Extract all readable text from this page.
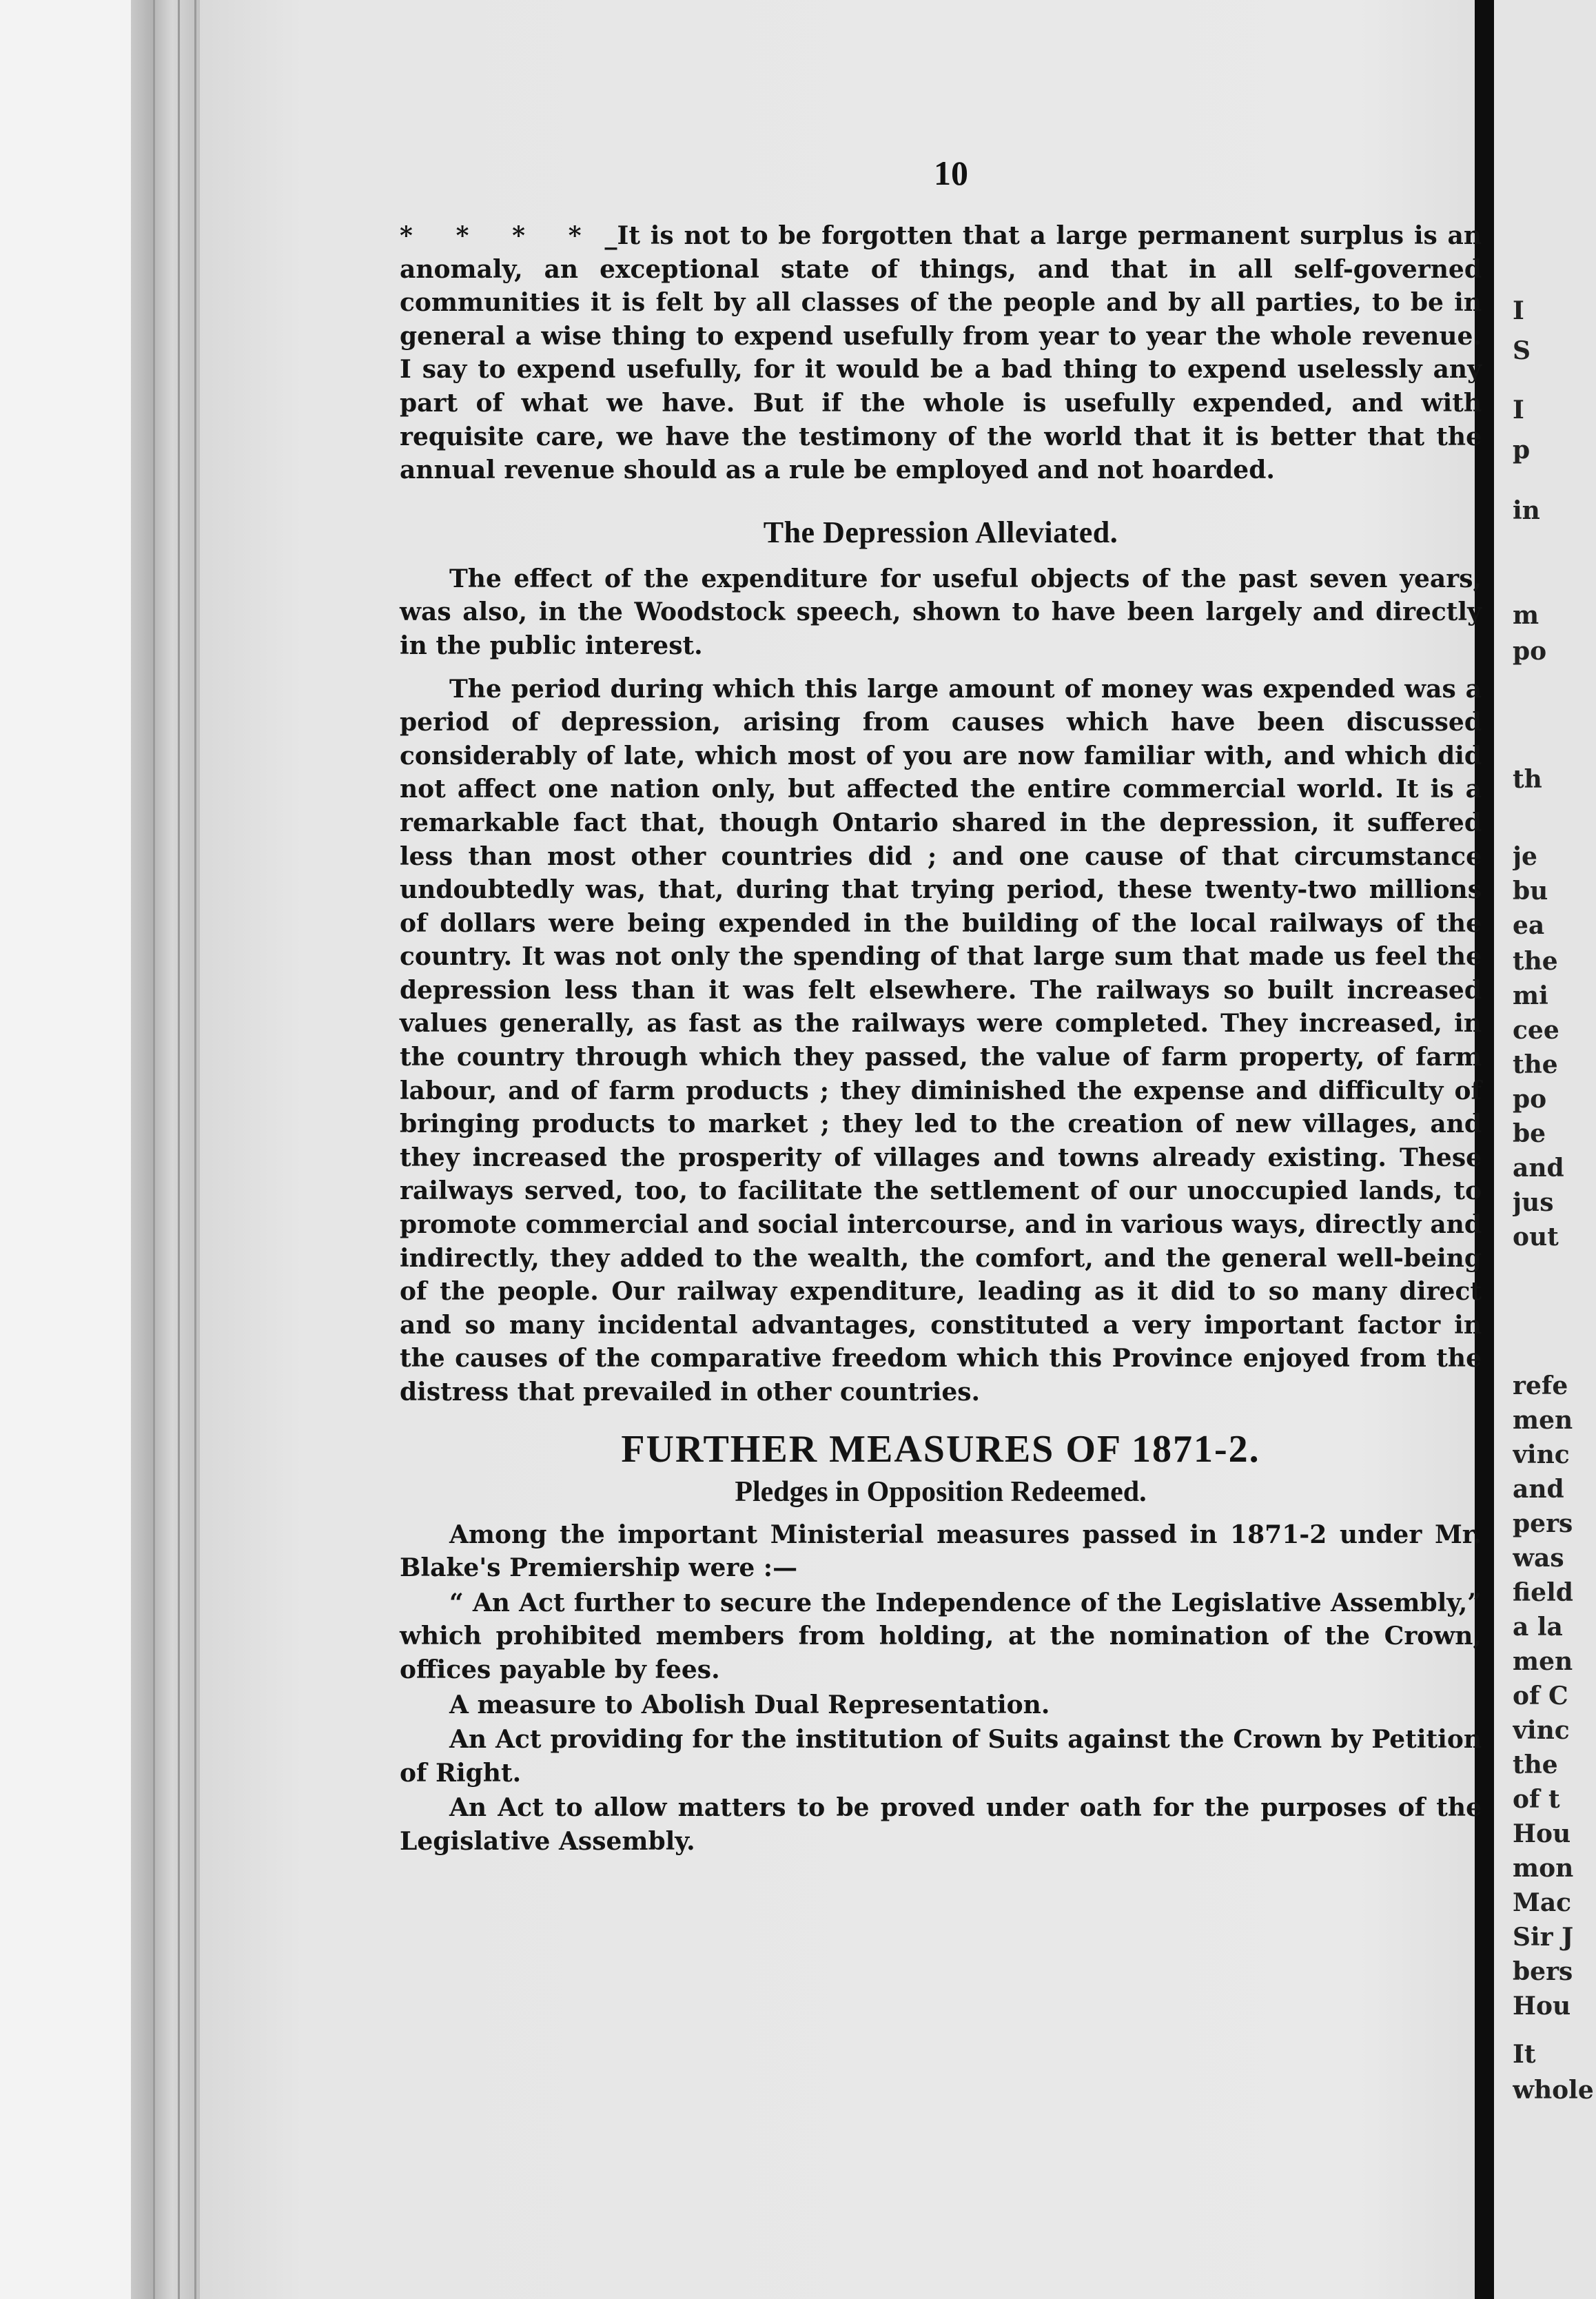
10

* * * * _It is not to be forgotten that a large permanent surplus is an anomaly, an exceptional state of things, and that in all self-governed communities it is felt by all classes of the people and by all parties, to be in general a wise thing to expend usefully from year to year the whole revenue. I say to expend usefully, for it would be a bad thing to expend uselessly any part of what we have. But if the whole is usefully expended, and with requisite care, we have the testimony of the world that it is better that the annual revenue should as a rule be employed and not hoarded.

The Depression Alleviated.

The effect of the expenditure for useful objects of the past seven years, was also, in the Woodstock speech, shown to have been largely and directly in the public interest.

The period during which this large amount of money was expended was a period of depression, arising from causes which have been discussed considerably of late, which most of you are now familiar with, and which did not affect one nation only, but affected the entire commercial world. It is a remarkable fact that, though Ontario shared in the depression, it suffered less than most other countries did ; and one cause of that circumstance undoubtedly was, that, during that trying period, these twenty-two millions of dollars were being expended in the building of the local railways of the country. It was not only the spending of that large sum that made us feel the depression less than it was felt elsewhere. The railways so built increased values generally, as fast as the railways were completed. They increased, in the country through which they passed, the value of farm property, of farm labour, and of farm products ; they diminished the expense and difficulty of bringing products to market ; they led to the creation of new villages, and they increased the prosperity of villages and towns already existing. These railways served, too, to facilitate the settlement of our unoccupied lands, to promote commercial and social intercourse, and in various ways, directly and indirectly, they added to the wealth, the comfort, and the general well-being of the people. Our railway expenditure, leading as it did to so many direct and so many incidental advantages, constituted a very important factor in the causes of the comparative freedom which this Province enjoyed from the distress that prevailed in other countries.

FURTHER MEASURES OF 1871-2.
Pledges in Opposition Redeemed.

Among the important Ministerial measures passed in 1871-2 under Mr. Blake's Premiership were :—

“ An Act further to secure the Independence of the Legislative Assembly,” which prohibited members from holding, at the nomination of the Crown, offices payable by fees.

A measure to Abolish Dual Representation.

An Act providing for the institution of Suits against the Crown by Petition of Right.

An Act to allow matters to be proved under oath for the purposes of the Legislative Assembly.

I
S
I
p
in
m
po
th
je
bu
ea
the
mi
cee
the
po
be
and
jus
out
refe
men
vinc
and
pers
was
field
a la
men
of C
vinc
the
of t
Hou
mon
Mac
Sir J
bers
Hou
It
whole
